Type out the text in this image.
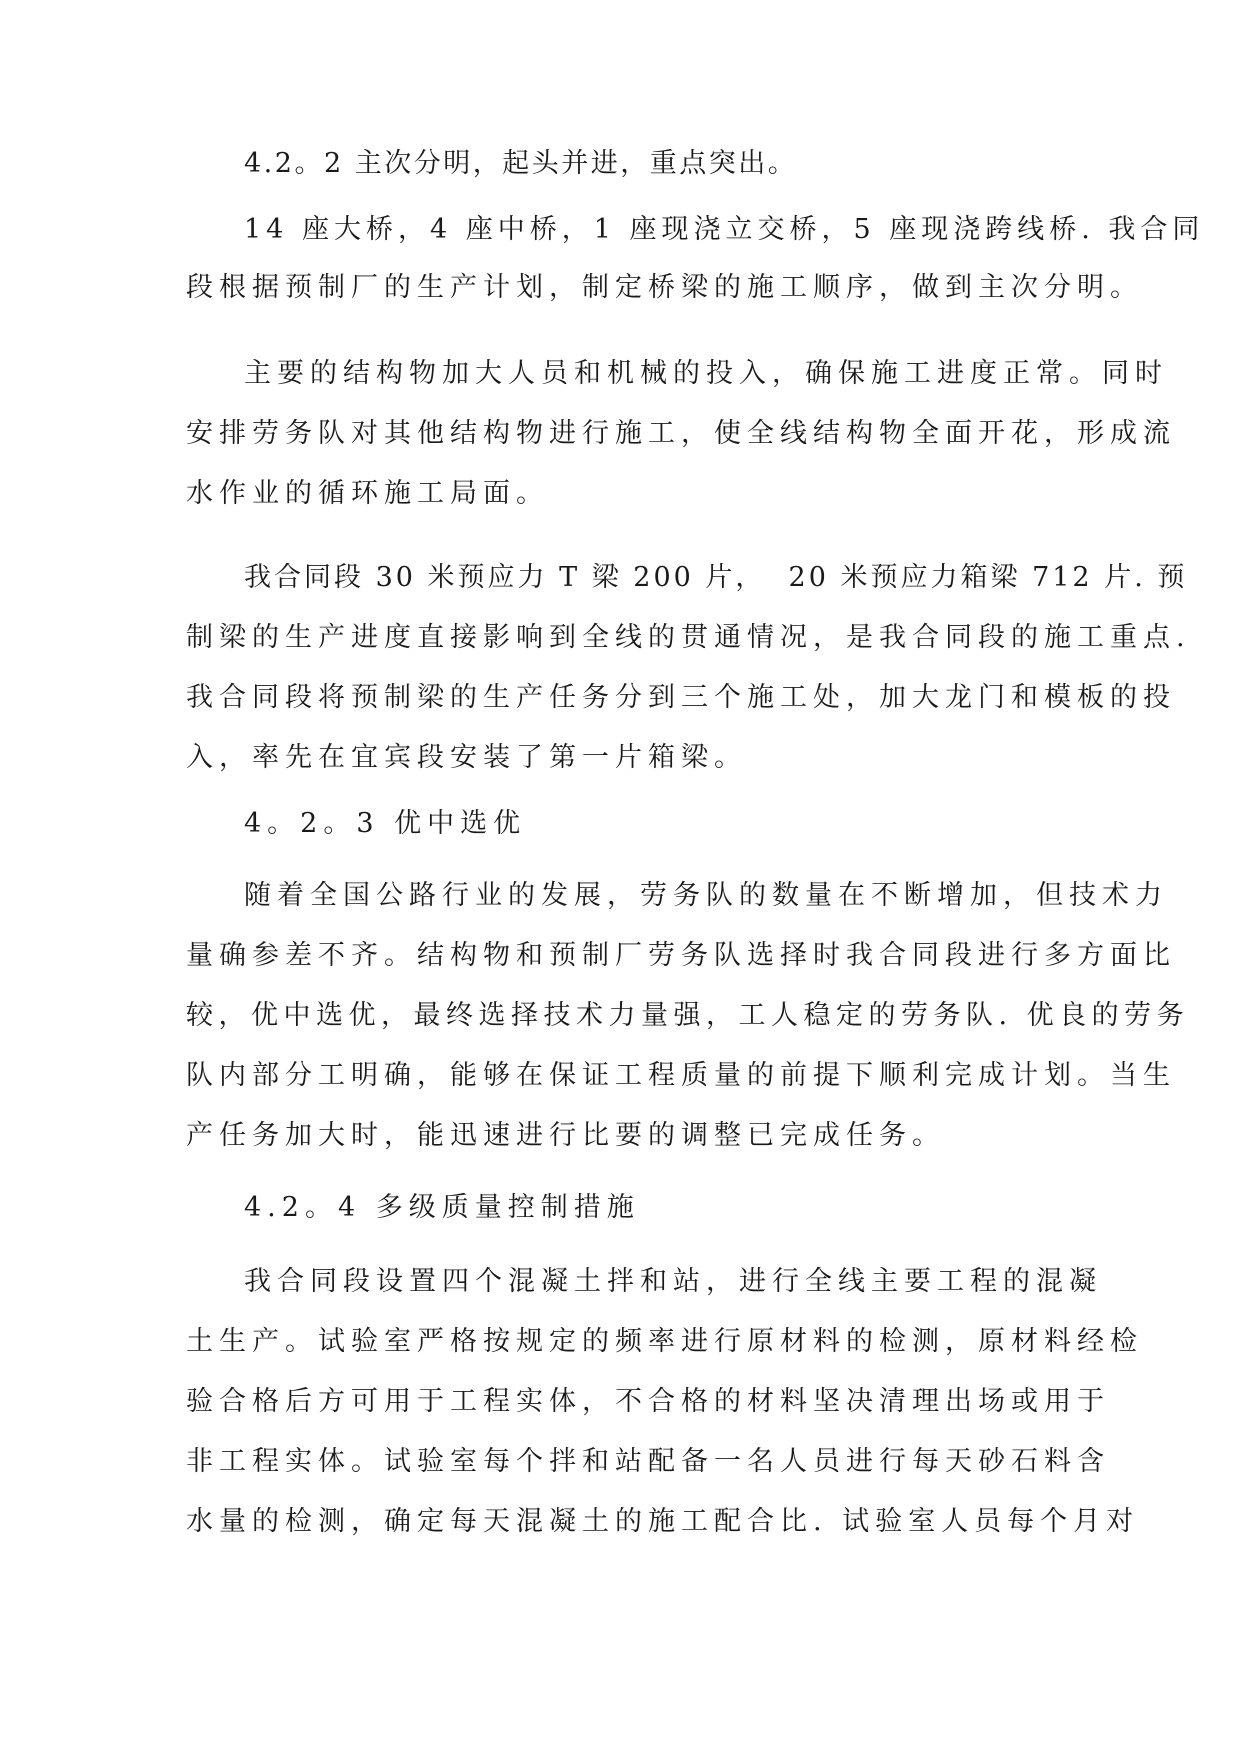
4.2。2 主次分明，起头并进，重点突出。
14 座大桥，4 座中桥，1 座现浇立交桥，5 座现浇跨线桥. 我合同
段根据预制厂的生产计划，制定桥梁的施工顺序，做到主次分明。
主要的结构物加大人员和机械的投入，确保施工进度正常。同时
安排劳务队对其他结构物进行施工，使全线结构物全面开花，形成流
水作业的循环施工局面。
我合同段 30 米预应力 T 梁 200 片，  20 米预应力箱梁 712 片. 预
制梁的生产进度直接影响到全线的贯通情况，是我合同段的施工重点.
我合同段将预制梁的生产任务分到三个施工处，加大龙门和模板的投
入，率先在宜宾段安装了第一片箱梁。
4。2。3 优中选优
随着全国公路行业的发展，劳务队的数量在不断增加，但技术力
量确参差不齐。结构物和预制厂劳务队选择时我合同段进行多方面比
较，优中选优，最终选择技术力量强，工人稳定的劳务队. 优良的劳务
队内部分工明确，能够在保证工程质量的前提下顺利完成计划。当生
产任务加大时，能迅速进行比要的调整已完成任务。
4.2。4 多级质量控制措施
我合同段设置四个混凝土拌和站，进行全线主要工程的混凝
土生产。试验室严格按规定的频率进行原材料的检测，原材料经检
验合格后方可用于工程实体，不合格的材料坚决清理出场或用于
非工程实体。试验室每个拌和站配备一名人员进行每天砂石料含
水量的检测，确定每天混凝土的施工配合比. 试验室人员每个月对
